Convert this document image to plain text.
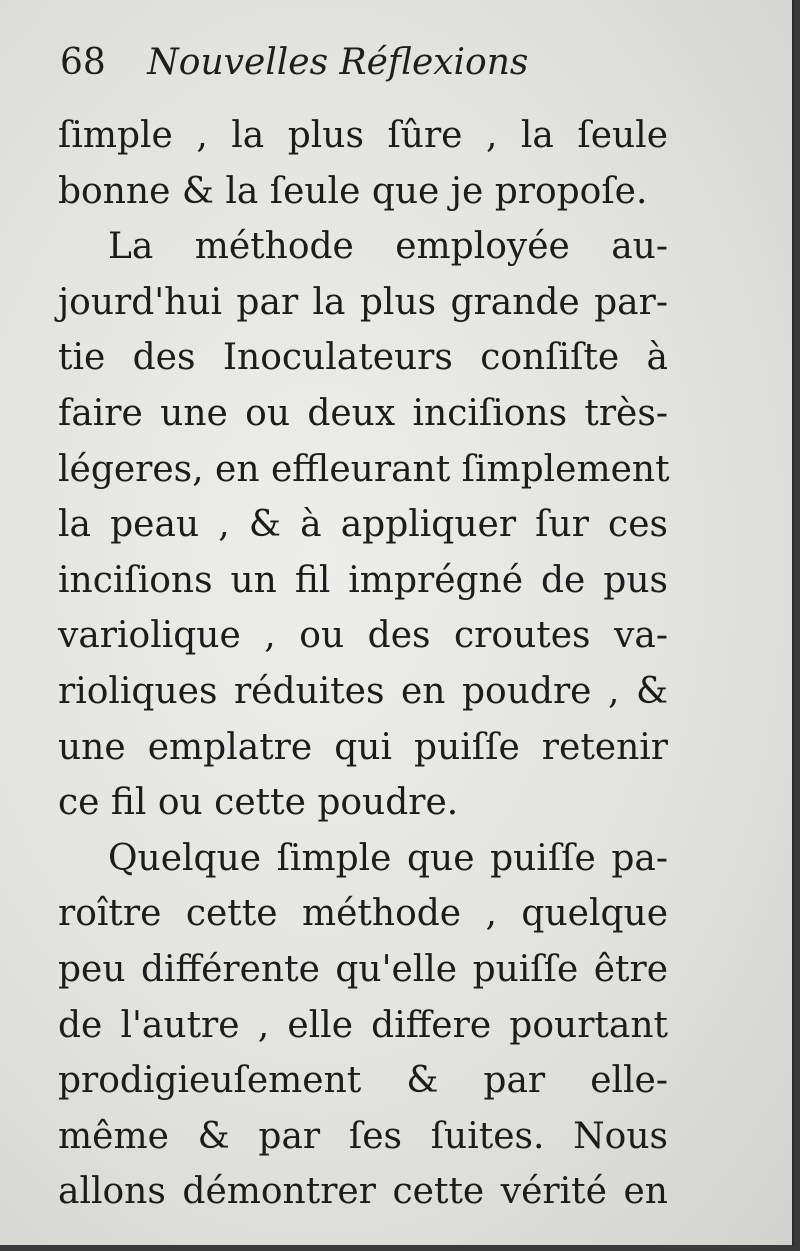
68 Nouvelles Réflexions
ſimple , la plus ſûre , la ſeule
bonne & la ſeule que je propoſe.
La méthode employée au-
jourd'hui par la plus grande par-
tie des Inoculateurs conſiſte à
faire une ou deux inciſions très-
légeres, en effleurant ſimplement
la peau , & à appliquer ſur ces
inciſions un fil imprégné de pus
variolique , ou des croutes va-
rioliques réduites en poudre , &
une emplatre qui puiſſe retenir
ce fil ou cette poudre.
Quelque ſimple que puiſſe pa-
roître cette méthode , quelque
peu différente qu'elle puiſſe être
de l'autre , elle differe pourtant
prodigieuſement & par elle-
même & par ſes ſuites. Nous
allons démontrer cette vérité en
